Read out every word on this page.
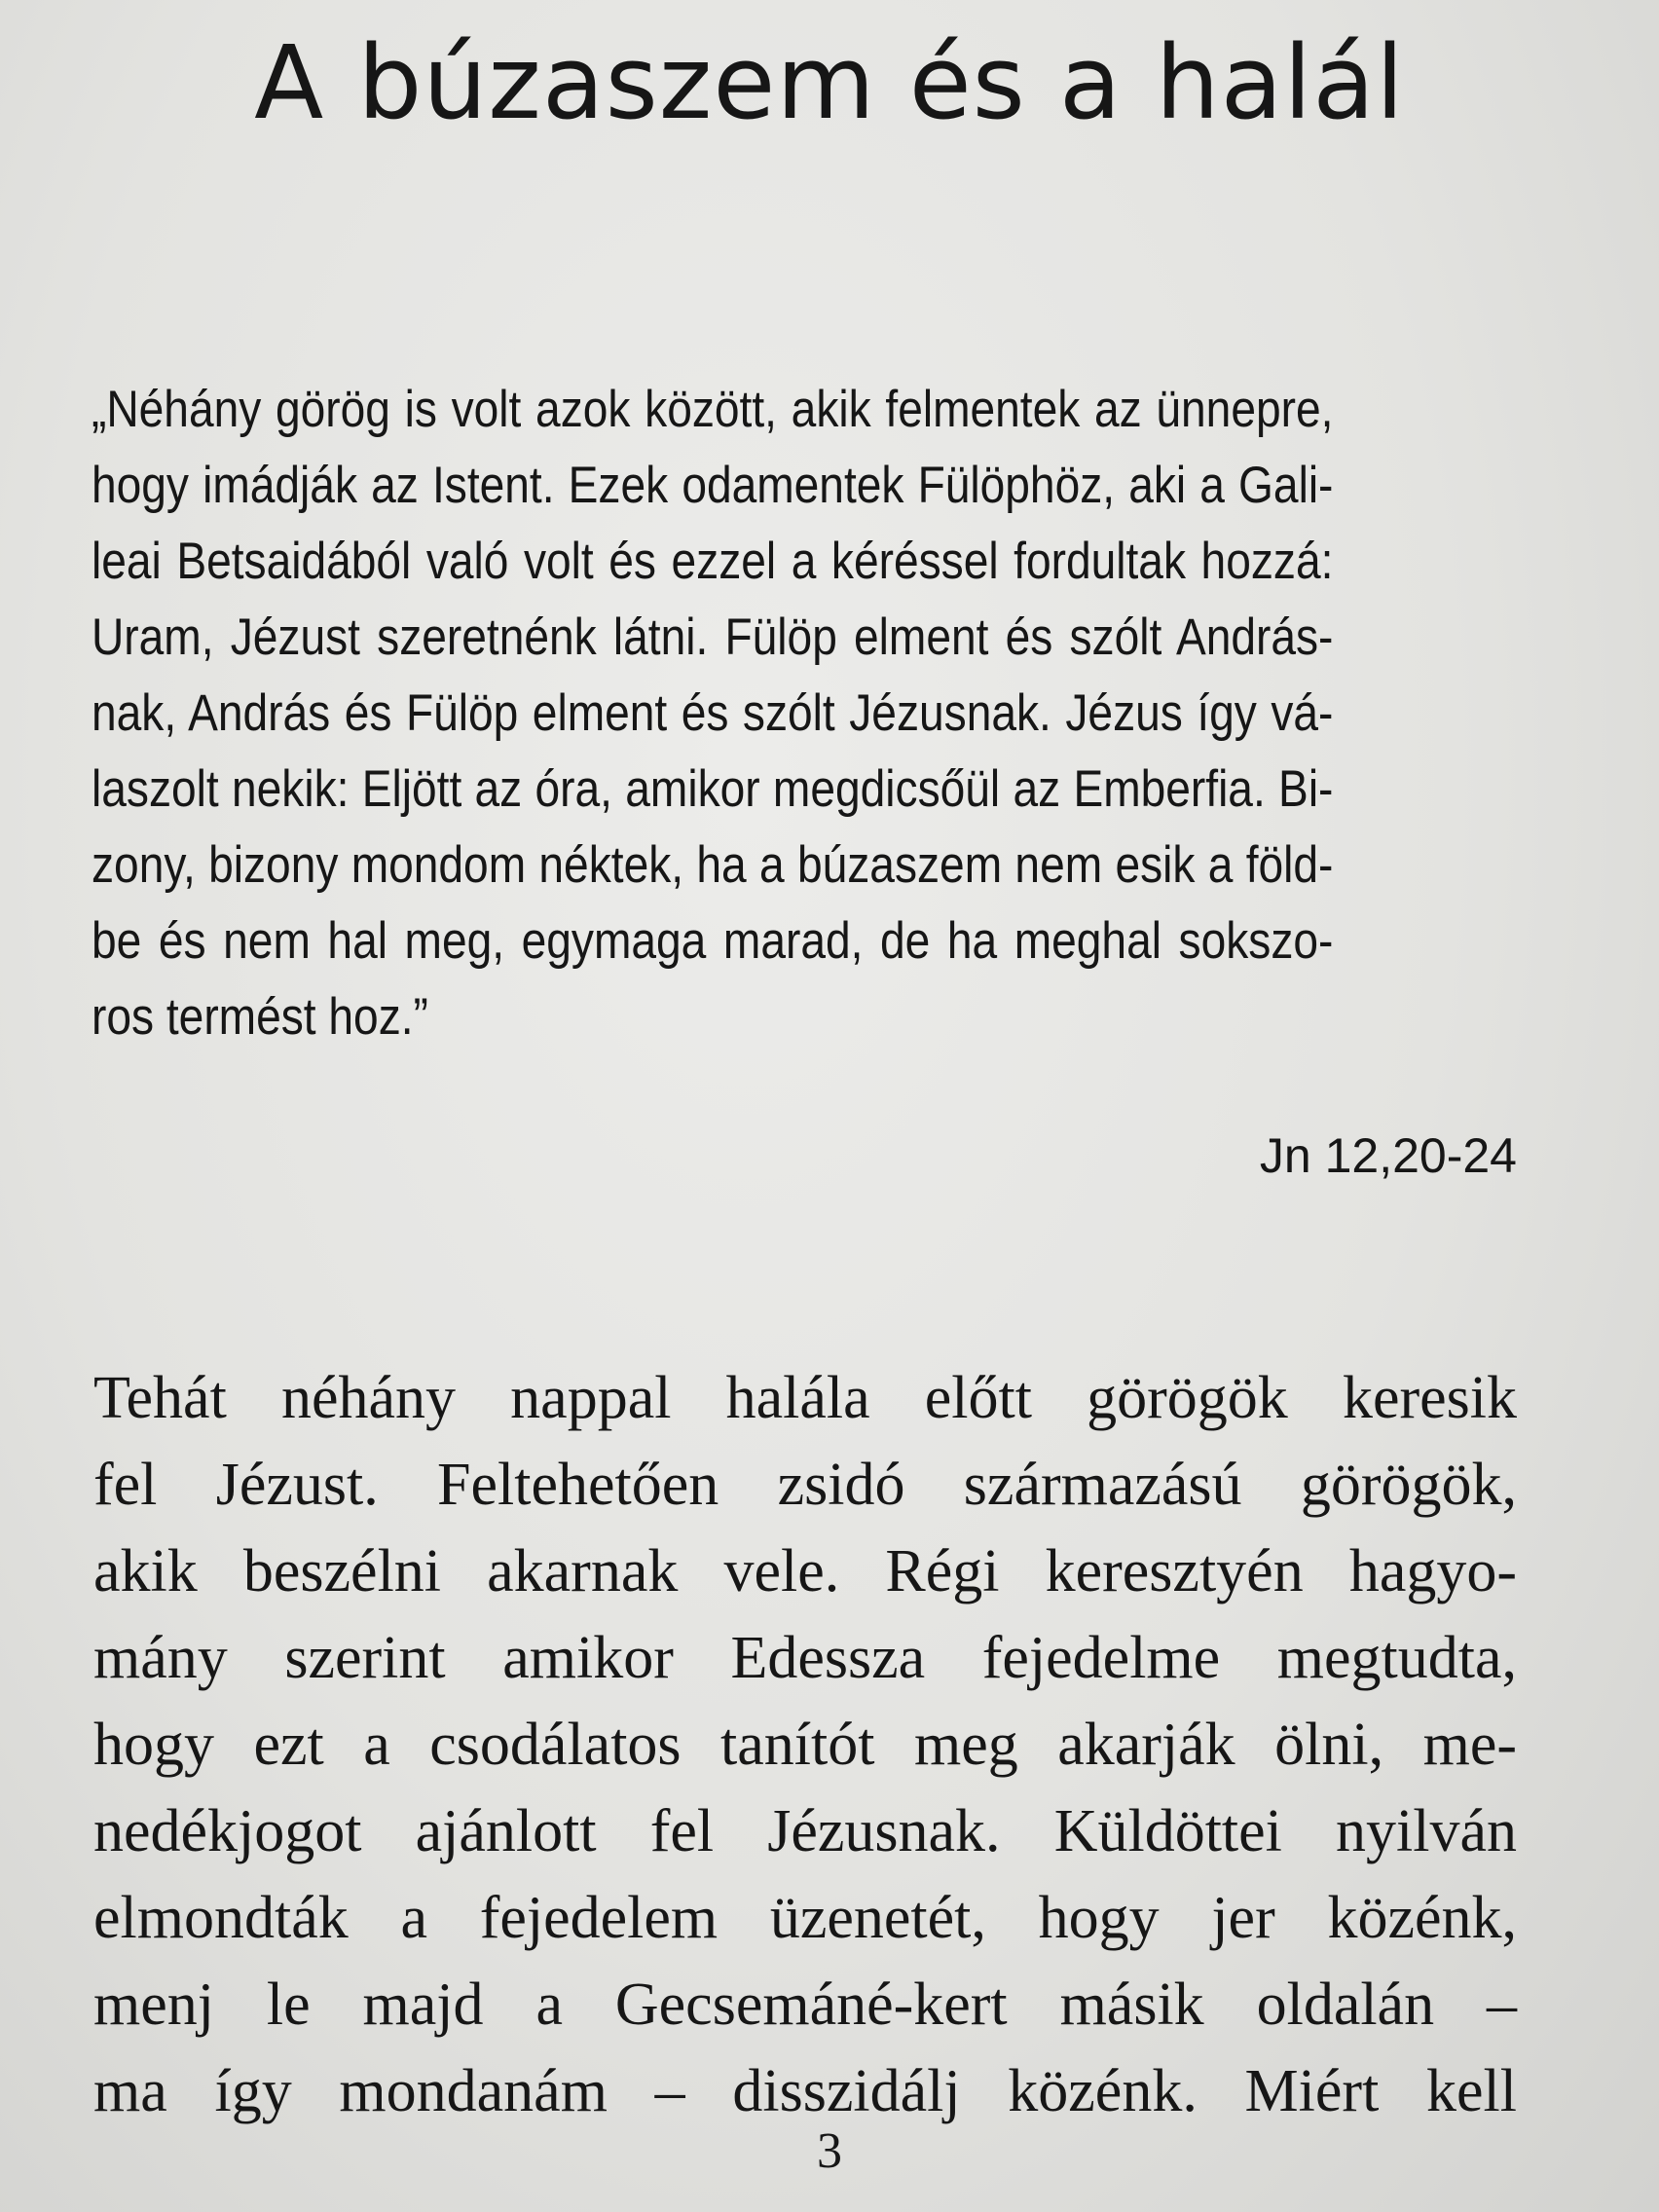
A búzaszem és a halál
„Néhány görög is volt azok között, akik felmentek az ünnepre,
hogy imádják az Istent. Ezek odamentek Fülöphöz, aki a Gali-
leai Betsaidából való volt és ezzel a kéréssel fordultak hozzá:
Uram, Jézust szeretnénk látni. Fülöp elment és szólt András-
nak, András és Fülöp elment és szólt Jézusnak. Jézus így vá-
laszolt nekik: Eljött az óra, amikor megdicsőül az Emberfia. Bi-
zony, bizony mondom néktek, ha a búzaszem nem esik a föld-
be és nem hal meg, egymaga marad, de ha meghal sokszo-
ros termést hoz.”
Jn 12,20-24
Tehát néhány nappal halála előtt görögök keresik
fel Jézust. Feltehetően zsidó származású görögök,
akik beszélni akarnak vele. Régi keresztyén hagyo-
mány szerint amikor Edessza fejedelme megtudta,
hogy ezt a csodálatos tanítót meg akarják ölni, me-
nedékjogot ajánlott fel Jézusnak. Küldöttei nyilván
elmondták a fejedelem üzenetét, hogy jer közénk,
menj le majd a Gecsemáné-kert másik oldalán –
ma így mondanám – disszidálj közénk. Miért kell
3
